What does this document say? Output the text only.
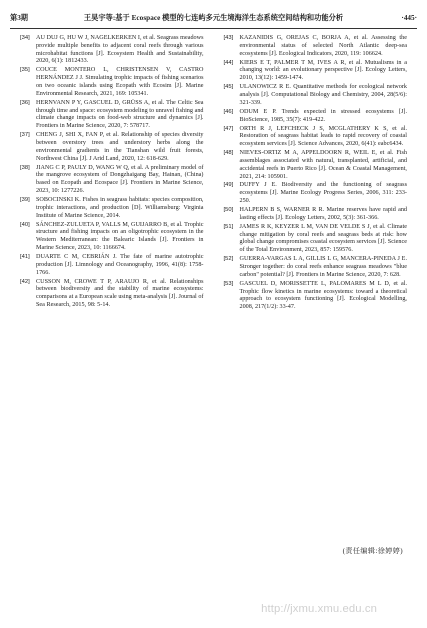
第3期	王昊宇等:基于 Ecospace 模型的七连屿多元生境海洋生态系统空间结构和功能分析	·445·
[34]	AU DUJ G, HU W J, NAGELKERKEN I, et al. Seagrass meadows provide multiple benefits to adjacent coral reefs through various microhabitat functions [J]. Ecosystem Health and Sustainability, 2020, 6(1): 1812433.
[35]	COUCE MONTERO L, CHRISTENSEN V, CASTRO HERNÁNDEZ J J. Simulating trophic impacts of fishing scenarios on two oceanic islands using Ecopath with Ecosim [J]. Marine Environmental Research, 2021, 169: 105341.
[36]	HERNVANN P Y, GASCUEL D, GRÜSS A, et al. The Celtic Sea through time and space: ecosystem modeling to unravel fishing and climate change impacts on food-web structure and dynamics [J]. Frontiers in Marine Science, 2020, 7: 578717.
[37]	CHENG J, SHI X, FAN P, et al. Relationship of species diversity between overstory trees and understory herbs along the environmental gradients in the Tianshan wild fruit forests, Northwest China [J]. J Arid Land, 2020, 12: 618-629.
[38]	JIANG C P, PAULY D, WANG W Q, et al. A preliminary model of the mangrove ecosystem of Dongzhaigang Bay, Hainan, (China) based on Ecopath and Ecospace [J]. Frontiers in Marine Science, 2023, 10: 1277226.
[39]	SOBOCINSKI K. Fishes in seagrass habitats: species composition, trophic interactions, and production [D]. Williamsburg: Virginia Institute of Marine Science, 2014.
[40]	SÁNCHEZ-ZULUETA P, VALLS M, GUIJARRO B, et al. Trophic structure and fishing impacts on an oligotrophic ecosystem in the Western Mediterranean: the Balearic Islands [J]. Frontiers in Marine Science, 2023, 10: 1166674.
[41]	DUARTE C M, CEBRIÁN J. The fate of marine autotrophic production [J]. Limnology and Oceanography, 1996, 41(8): 1758-1766.
[42]	CUSSON M, CROWE T P, ARAUJO R, et al. Relationships between biodiversity and the stability of marine ecosystems: comparisons at a European scale using meta-analysis [J]. Journal of Sea Research, 2015, 98: 5-14.
[43]	KAZANIDIS G, OREJAS C, BORJA A, et al. Assessing the environmental status of selected North Atlantic deep-sea ecosystems [J]. Ecological Indicators, 2020, 119: 106624.
[44]	KIERS E T, PALMER T M, IVES A R, et al. Mutualisms in a changing world: an evolutionary perspective [J]. Ecology Letters, 2010, 13(12): 1459-1474.
[45]	ULANOWICZ R E. Quantitative methods for ecological network analysis [J]. Computational Biology and Chemistry, 2004, 28(5/6): 321-339.
[46]	ODUM E P. Trends expected in stressed ecosystems [J]. BioScience, 1985, 35(7): 419-422.
[47]	ORTH R J, LEFCHECK J S, MCGLATHERY K S, et al. Restoration of seagrass habitat leads to rapid recovery of coastal ecosystem services [J]. Science Advances, 2020, 6(41): eabc6434.
[48]	NIEVES-ORTIZ M A, APPELDOORN R, WEIL E, et al. Fish assemblages associated with natural, transplanted, artificial, and accidental reefs in Puerto Rico [J]. Ocean & Coastal Management, 2021, 214: 105901.
[49]	DUFFY J E. Biodiversity and the functioning of seagrass ecosystems [J]. Marine Ecology Progress Series, 2006, 311: 233-250.
[50]	HALPERN B S, WARNER R R. Marine reserves have rapid and lasting effects [J]. Ecology Letters, 2002, 5(3): 361-366.
[51]	JAMES R K, KEYZER L M, VAN DE VELDE S J, et al. Climate change mitigation by coral reefs and seagrass beds at risk: how global change compromises coastal ecosystem services [J]. Science of the Total Environment, 2023, 857: 159576.
[52]	GUERRA-VARGAS L A, GILLIS L G, MANCERA-PINEDA J E. Stronger together: do coral reefs enhance seagrass meadows "blue carbon" potential? [J]. Frontiers in Marine Science, 2020, 7: 628.
[53]	GASCUEL D, MORISSETTE L, PALOMARES M L D, et al. Trophic flow kinetics in marine ecosystems: toward a theoretical approach to ecosystem functioning [J]. Ecological Modelling, 2008, 217(1/2): 33-47.
(责任编辑:徐婷婷)
http://jxmu.xmu.edu.cn
